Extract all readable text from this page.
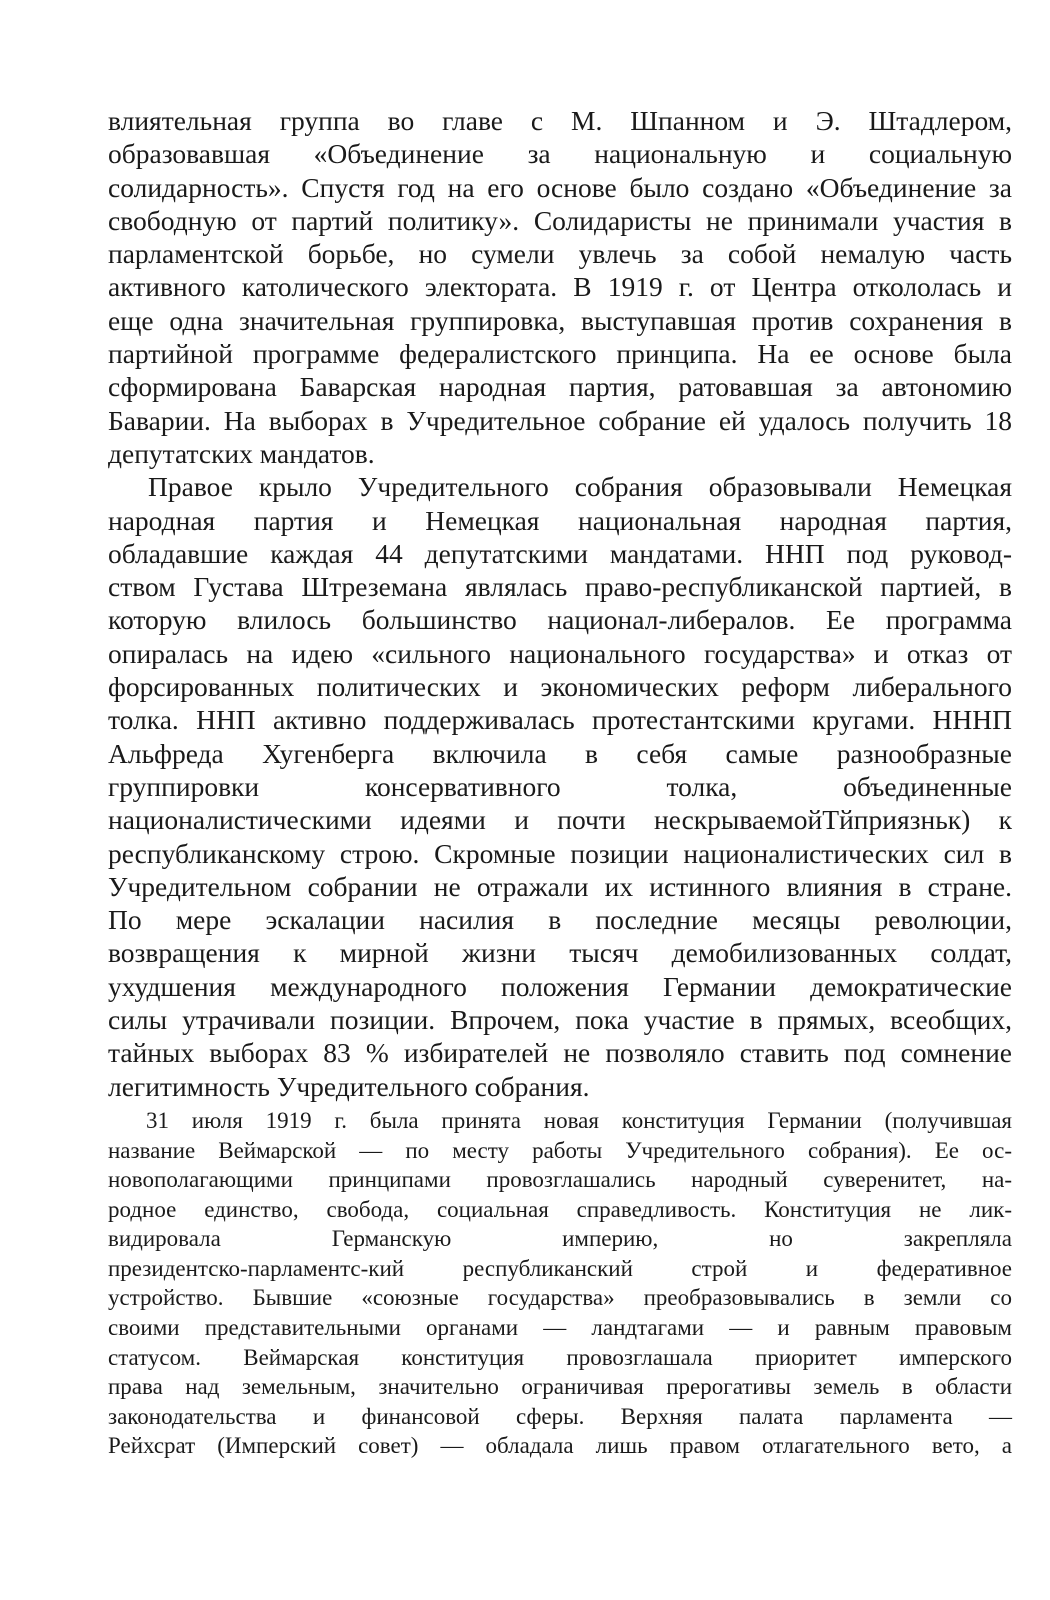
влиятельная группа во главе с М. Шпанном и Э. Штадлером,
образовавшая «Объединение за национальную и социальную
солидарность». Спустя год на его основе было создано «Объединение за
свободную от партий политику». Солидаристы не принимали участия в
парламентской борьбе, но сумели увлечь за собой немалую часть
активного католического электората. В 1919 г. от Центра откололась и
еще одна значительная группировка, выступавшая против сохранения в
партийной программе федералистского принципа. На ее основе была
сформирована Баварская народная партия, ратовавшая за автономию
Баварии. На выборах в Учредительное собрание ей удалось получить 18
депутатских мандатов.
Правое крыло Учредительного собрания образовывали Немецкая
народная партия и Немецкая национальная народная партия,
обладавшие каждая 44 депутатскими мандатами. ННП под руковод-
ством Густава Штреземана являлась право-республиканской партией, в
которую влилось большинство национал-либералов. Ее программа
опиралась на идею «сильного национального государства» и отказ от
форсированных политических и экономических реформ либерального
толка. ННП активно поддерживалась протестантскими кругами. НННП
Альфреда Хугенберга включила в себя самые разнообразные
группировки консервативного толка, объединенные
националистическими идеями и почти нескрываемойТйприязньк) к
республиканскому строю. Скромные позиции националистических сил в
Учредительном собрании не отражали их истинного влияния в стране.
По мере эскалации насилия в последние месяцы революции,
возвращения к мирной жизни тысяч демобилизованных солдат,
ухудшения международного положения Германии демократические
силы утрачивали позиции. Впрочем, пока участие в прямых, всеобщих,
тайных выборах 83 % избирателей не позволяло ставить под сомнение
легитимность Учредительного собрания.
31 июля 1919 г. была принята новая конституция Германии (получившая
название Веймарской — по месту работы Учредительного собрания). Ее ос-
новополагающими принципами провозглашались народный суверенитет, на-
родное единство, свобода, социальная справедливость. Конституция не лик-
видировала Германскую империю, но закрепляла
президентско-парламентс-кий республиканский строй и федеративное
устройство. Бывшие «союзные государства» преобразовывались в земли со
своими представительными органами — ландтагами — и равным правовым
статусом. Веймарская конституция провозглашала приоритет имперского
права над земельным, значительно ограничивая прерогативы земель в области
законодательства и финансовой сферы. Верхняя палата парламента —
Рейхсрат (Имперский совет) — обладала лишь правом отлагательного вето, а
